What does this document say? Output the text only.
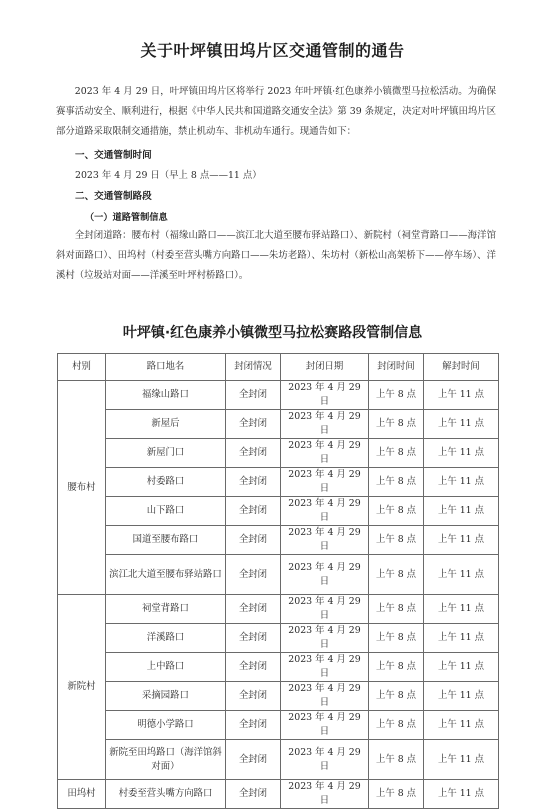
关于叶坪镇田坞片区交通管制的通告
2023 年 4 月 29 日，叶坪镇田坞片区将举行 2023 年叶坪镇·红色康养小镇微型马拉松活动。为确保赛事活动安全、顺利进行，根据《中华人民共和国道路交通安全法》第 39 条规定，决定对叶坪镇田坞片区部分道路采取限制交通措施，禁止机动车、非机动车通行。现通告如下：
一、交通管制时间
2023 年 4 月 29 日（早上 8 点——11 点）
二、交通管制路段
（一）道路管制信息
全封闭道路：腰布村（福缘山路口——滨江北大道至腰布驿站路口）、新院村（祠堂背路口——海洋馆斜对面路口）、田坞村（村委至营头嘴方向路口——朱坊老路）、朱坊村（新松山高架桥下——停车场）、洋溪村（垃圾站对面——洋溪至叶坪村桥路口）。
叶坪镇·红色康养小镇微型马拉松赛路段管制信息
村别	路口地名	封闭情况	封闭日期	封闭时间	解封时间
腰布村	福缘山路口	全封闭	2023 年 4 月 29 日	上午 8 点	上午 11 点
	新屋后	全封闭	2023 年 4 月 29 日	上午 8 点	上午 11 点
	新屋门口	全封闭	2023 年 4 月 29 日	上午 8 点	上午 11 点
	村委路口	全封闭	2023 年 4 月 29 日	上午 8 点	上午 11 点
	山下路口	全封闭	2023 年 4 月 29 日	上午 8 点	上午 11 点
	国道至腰布路口	全封闭	2023 年 4 月 29 日	上午 8 点	上午 11 点
	滨江北大道至腰布驿站路口	全封闭	2023 年 4 月 29 日	上午 8 点	上午 11 点
新院村	祠堂背路口	全封闭	2023 年 4 月 29 日	上午 8 点	上午 11 点
	洋溪路口	全封闭	2023 年 4 月 29 日	上午 8 点	上午 11 点
	上中路口	全封闭	2023 年 4 月 29 日	上午 8 点	上午 11 点
	采摘园路口	全封闭	2023 年 4 月 29 日	上午 8 点	上午 11 点
	明德小学路口	全封闭	2023 年 4 月 29 日	上午 8 点	上午 11 点
	新院至田坞路口（海洋馆斜对面）	全封闭	2023 年 4 月 29 日	上午 8 点	上午 11 点
田坞村	村委至营头嘴方向路口	全封闭	2023 年 4 月 29 日	上午 8 点	上午 11 点
